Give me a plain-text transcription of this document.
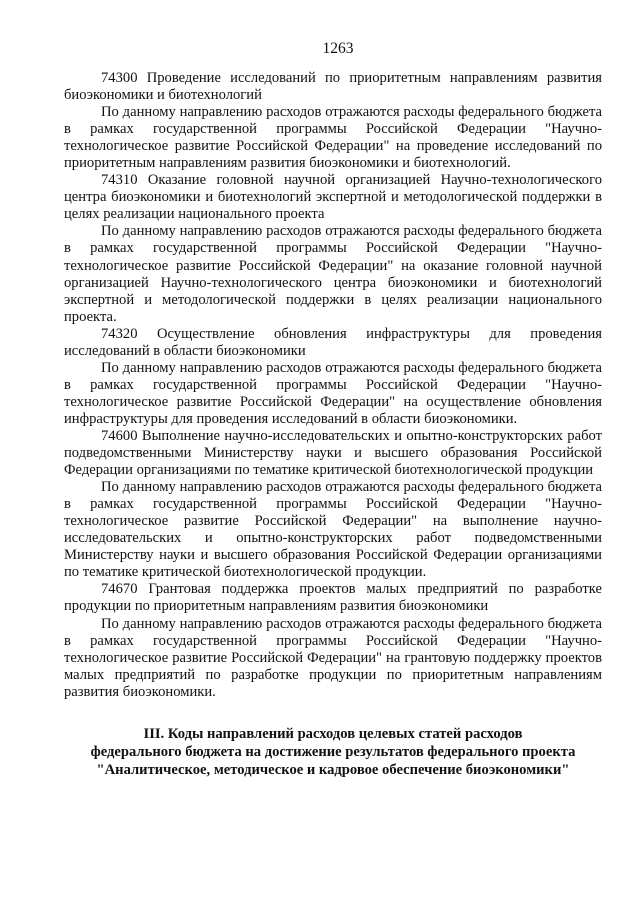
1263

74300 Проведение исследований по приоритетным направлениям развития биоэкономики и биотехнологий

По данному направлению расходов отражаются расходы федерального бюджета в рамках государственной программы Российской Федерации "Научно-технологическое развитие Российской Федерации" на проведение исследований по приоритетным направлениям развития биоэкономики и биотехнологий.

74310 Оказание головной научной организацией Научно-технологического центра биоэкономики и биотехнологий экспертной и методологической поддержки в целях реализации национального проекта

По данному направлению расходов отражаются расходы федерального бюджета в рамках государственной программы Российской Федерации "Научно-технологическое развитие Российской Федерации" на оказание головной научной организацией Научно-технологического центра биоэкономики и биотехнологий экспертной и методологической поддержки в целях реализации национального проекта.

74320 Осуществление обновления инфраструктуры для проведения исследований в области биоэкономики

По данному направлению расходов отражаются расходы федерального бюджета в рамках государственной программы Российской Федерации "Научно-технологическое развитие Российской Федерации" на осуществление обновления инфраструктуры для проведения исследований в области биоэкономики.

74600 Выполнение научно-исследовательских и опытно-конструкторских работ подведомственными Министерству науки и высшего образования Российской Федерации организациями по тематике критической биотехнологической продукции

По данному направлению расходов отражаются расходы федерального бюджета в рамках государственной программы Российской Федерации "Научно-технологическое развитие Российской Федерации" на выполнение научно-исследовательских и опытно-конструкторских работ подведомственными Министерству науки и высшего образования Российской Федерации организациями по тематике критической биотехнологической продукции.

74670 Грантовая поддержка проектов малых предприятий по разработке продукции по приоритетным направлениям развития биоэкономики

По данному направлению расходов отражаются расходы федерального бюджета в рамках государственной программы Российской Федерации "Научно-технологическое развитие Российской Федерации" на грантовую поддержку проектов малых предприятий по разработке продукции по приоритетным направлениям развития биоэкономики.

III. Коды направлений расходов целевых статей расходов
федерального бюджета на достижение результатов федерального проекта
"Аналитическое, методическое и кадровое обеспечение биоэкономики"
